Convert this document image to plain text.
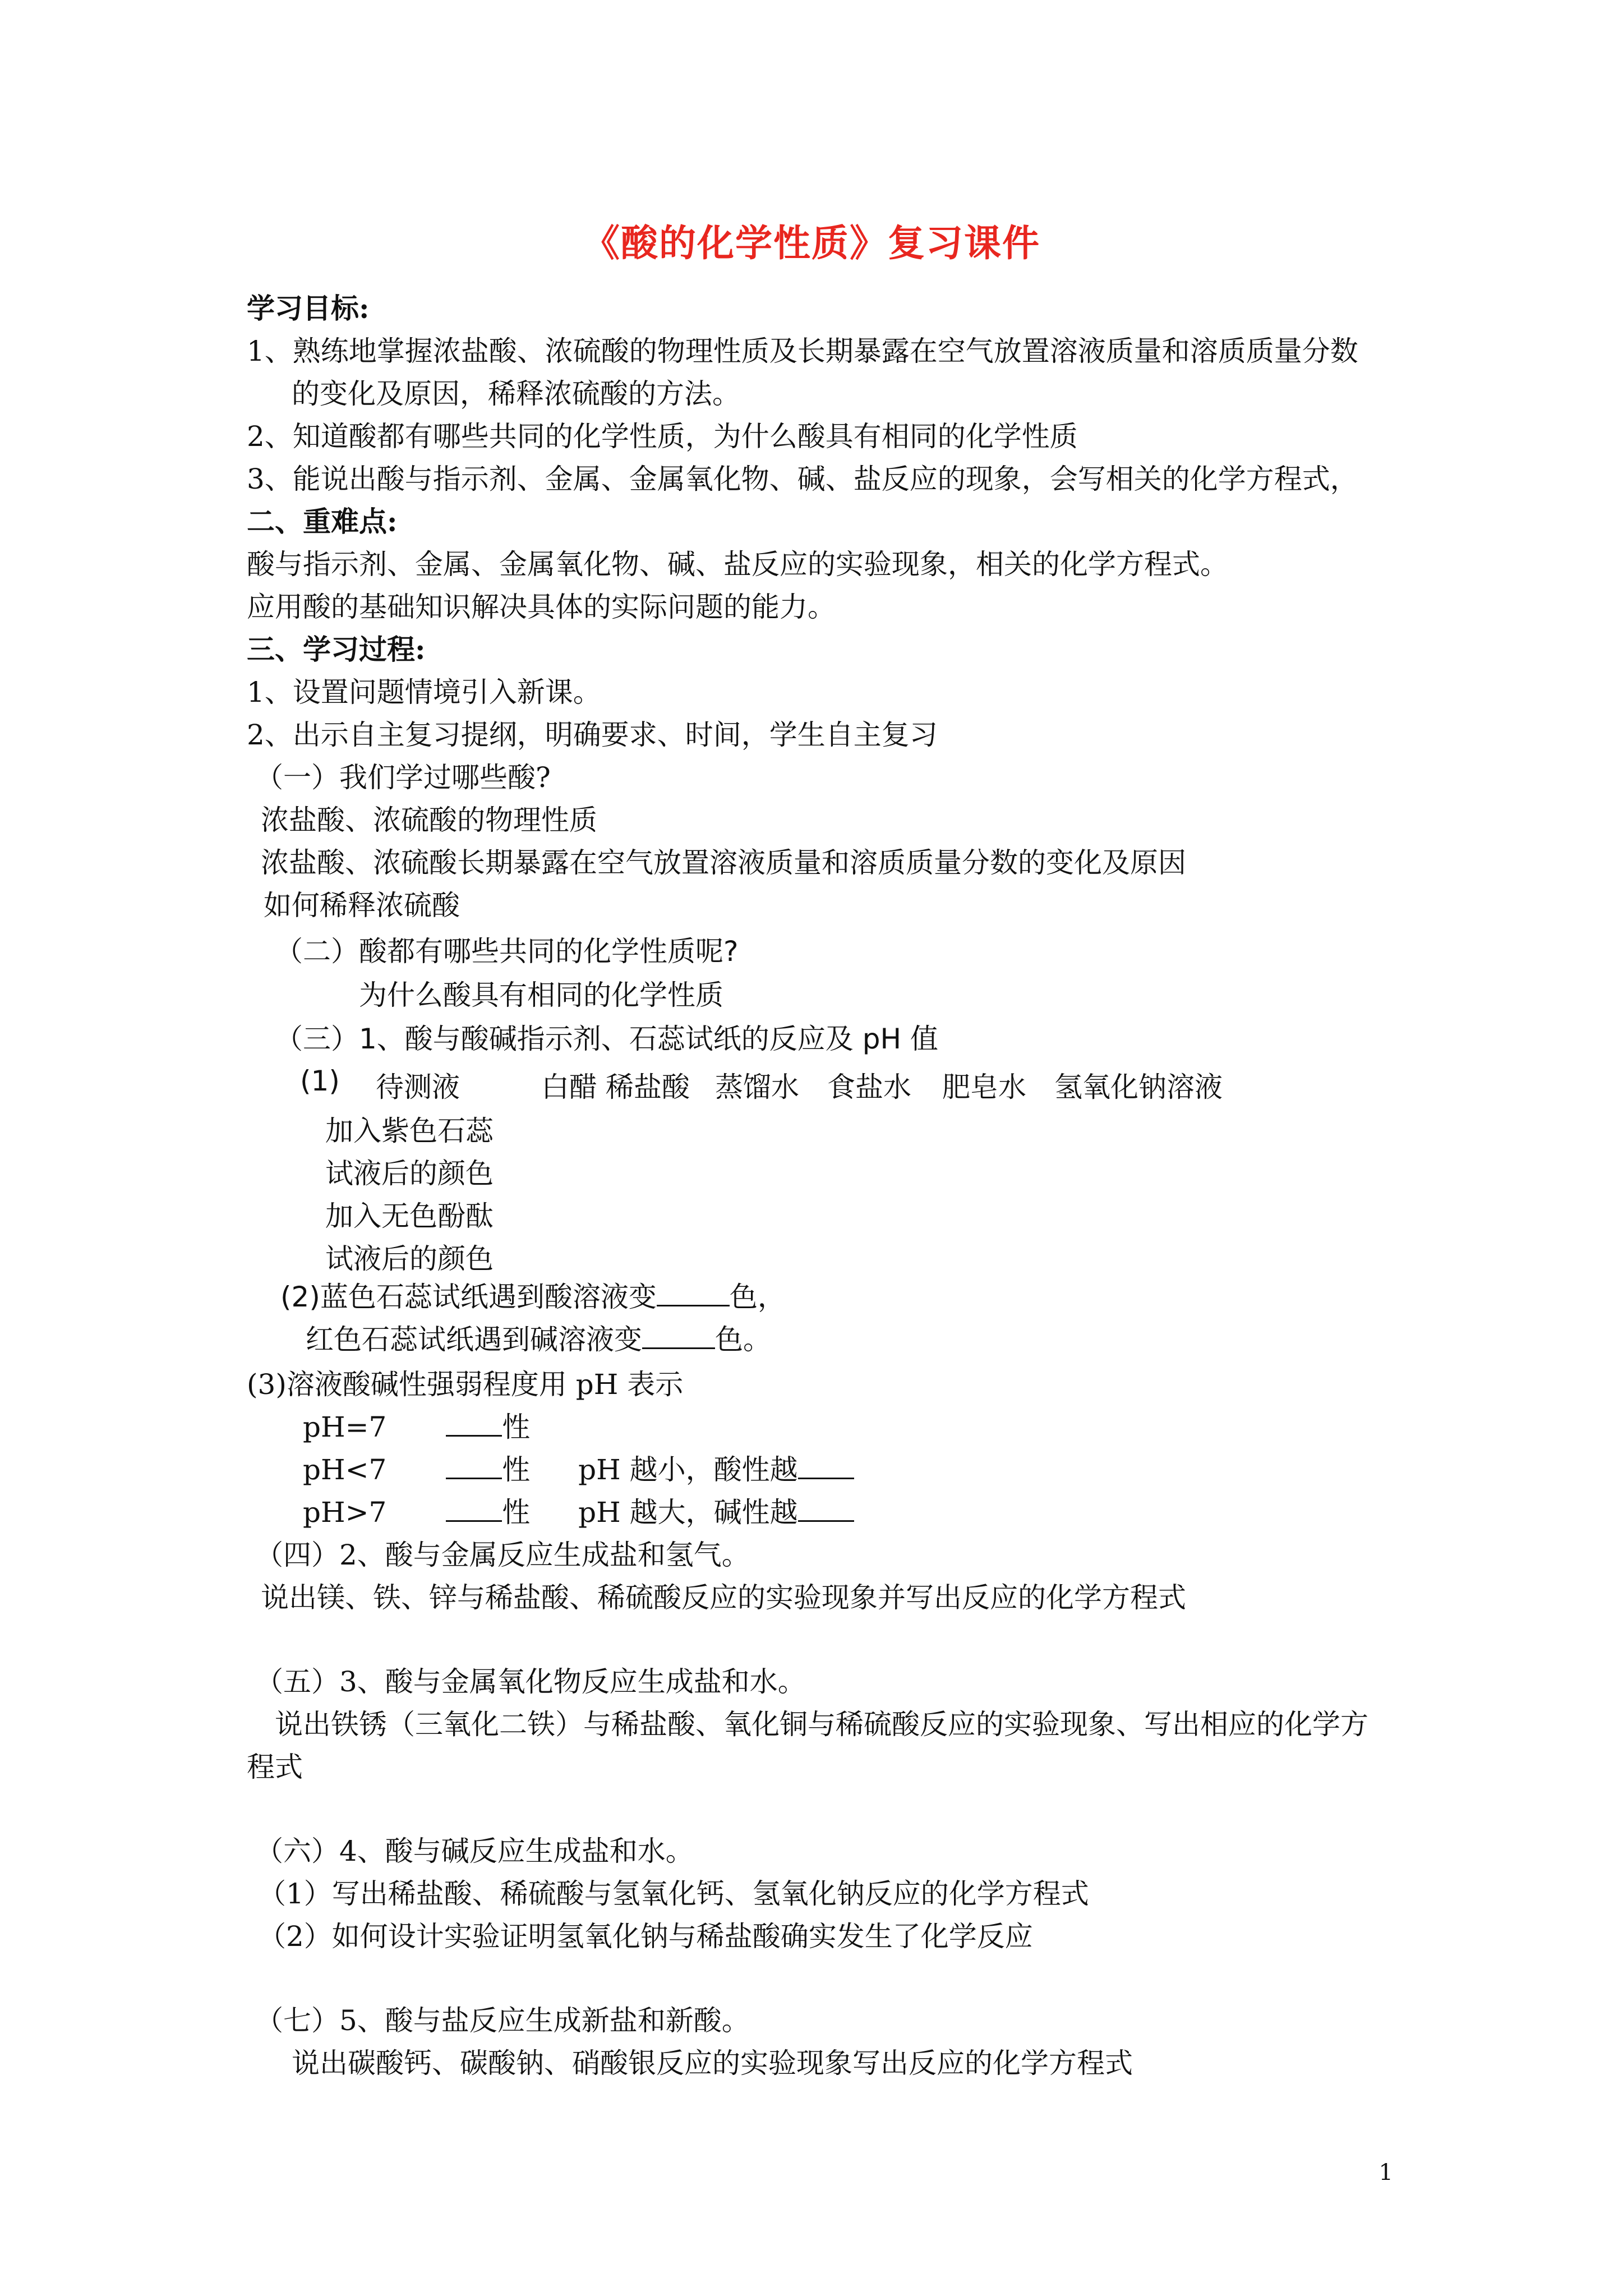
《酸的化学性质》复习课件
学习目标:
1、熟练地掌握浓盐酸、浓硫酸的物理性质及长期暴露在空气放置溶液质量和溶质质量分数
的变化及原因，稀释浓硫酸的方法。
2、知道酸都有哪些共同的化学性质，为什么酸具有相同的化学性质
3、能说出酸与指示剂、金属、金属氧化物、碱、盐反应的现象，会写相关的化学方程式，
二、重难点:
酸与指示剂、金属、金属氧化物、碱、盐反应的实验现象，相关的化学方程式。
应用酸的基础知识解决具体的实际问题的能力。
三、学习过程:
1、设置问题情境引入新课。
2、出示自主复习提纲，明确要求、时间，学生自主复习
（一）我们学过哪些酸?
浓盐酸、浓硫酸的物理性质
浓盐酸、浓硫酸长期暴露在空气放置溶液质量和溶质质量分数的变化及原因
如何稀释浓硫酸
（二）酸都有哪些共同的化学性质呢?
为什么酸具有相同的化学性质
（三）1、酸与酸碱指示剂、石蕊试纸的反应及 pH 值
(1) 待测液	白醋 稀盐酸 蒸馏水 食盐水 肥皂水 氢氧化钠溶液
加入紫色石蕊
试液后的颜色
加入无色酚酞
试液后的颜色
(2)蓝色石蕊试纸遇到酸溶液变	色，
红色石蕊试纸遇到碱溶液变	色。
(3)溶液酸碱性强弱程度用 pH 表示
pH=7	性
pH<7	性 pH 越小，酸性越
pH>7	性 pH 越大，碱性越
（四）2、酸与金属反应生成盐和氢气。
说出镁、铁、锌与稀盐酸、稀硫酸反应的实验现象并写出反应的化学方程式
（五）3、酸与金属氧化物反应生成盐和水。
说出铁锈（三氧化二铁）与稀盐酸、氧化铜与稀硫酸反应的实验现象、写出相应的化学方
程式
（六）4、酸与碱反应生成盐和水。
（1）写出稀盐酸、稀硫酸与氢氧化钙、氢氧化钠反应的化学方程式
（2）如何设计实验证明氢氧化钠与稀盐酸确实发生了化学反应
（七）5、酸与盐反应生成新盐和新酸。
说出碳酸钙、碳酸钠、硝酸银反应的实验现象写出反应的化学方程式
1
